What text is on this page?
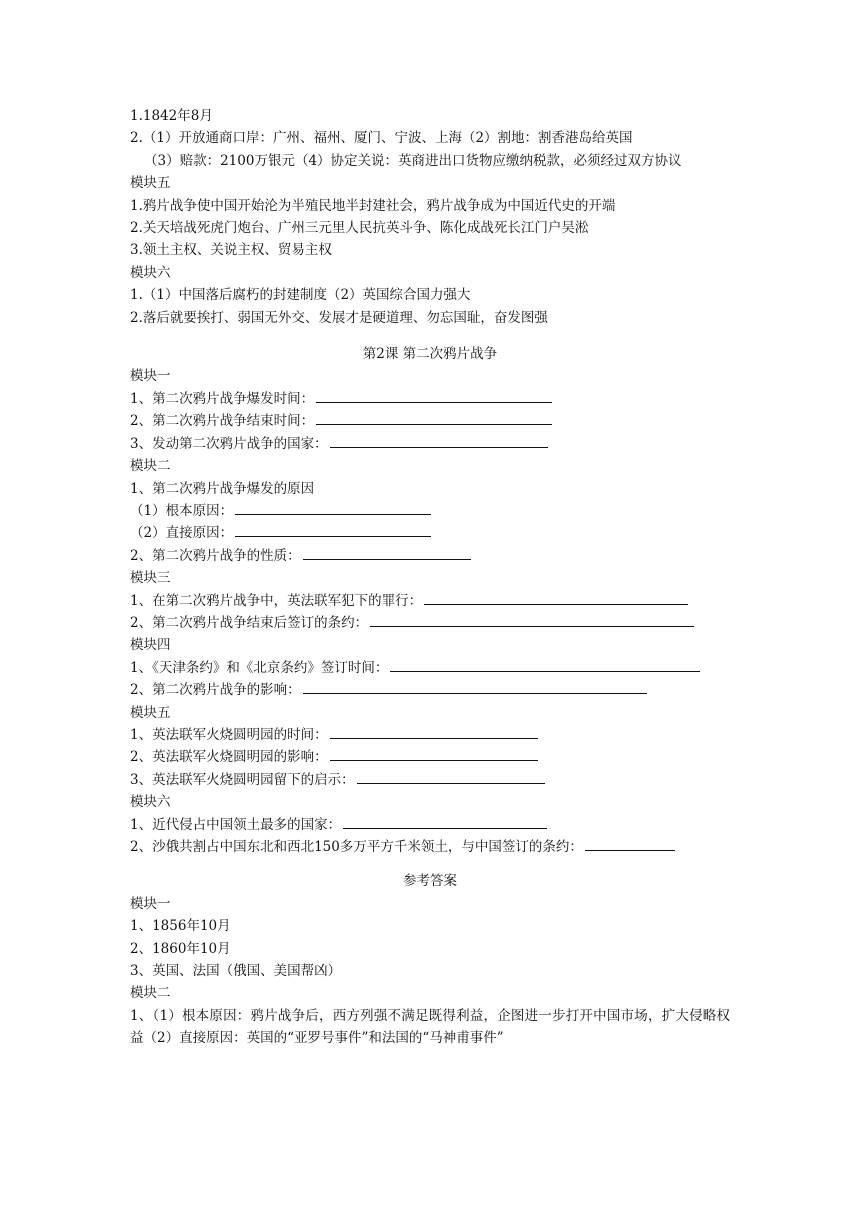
1.1842年8月
2.（1）开放通商口岸：广州、福州、厦门、宁波、上海（2）割地：割香港岛给英国
（3）赔款：2100万银元（4）协定关说：英商进出口货物应缴纳税款，必须经过双方协议
模块五
1.鸦片战争使中国开始沦为半殖民地半封建社会，鸦片战争成为中国近代史的开端
2.关天培战死虎门炮台、广州三元里人民抗英斗争、陈化成战死长江门户吴淞
3.领土主权、关说主权、贸易主权
模块六
1.（1）中国落后腐朽的封建制度（2）英国综合国力强大
2.落后就要挨打、弱国无外交、发展才是硬道理、勿忘国耻，奋发图强
第2课 第二次鸦片战争
模块一
1、第二次鸦片战争爆发时间：
2、第二次鸦片战争结束时间：
3、发动第二次鸦片战争的国家：
模块二
1、第二次鸦片战争爆发的原因
（1）根本原因：
（2）直接原因：
2、第二次鸦片战争的性质：
模块三
1、在第二次鸦片战争中，英法联军犯下的罪行：
2、第二次鸦片战争结束后签订的条约：
模块四
1、《天津条约》和《北京条约》签订时间：
2、第二次鸦片战争的影响：
模块五
1、英法联军火烧圆明园的时间：
2、英法联军火烧圆明园的影响：
3、英法联军火烧圆明园留下的启示：
模块六
1、近代侵占中国领土最多的国家：
2、沙俄共割占中国东北和西北150多万平方千米领土，与中国签订的条约：
参考答案
模块一
1、1856年10月
2、1860年10月
3、英国、法国（俄国、美国帮凶）
模块二
1、（1）根本原因：鸦片战争后，西方列强不满足既得利益，企图进一步打开中国市场，扩大侵略权益（2）直接原因：英国的“亚罗号事件”和法国的“马神甫事件”
